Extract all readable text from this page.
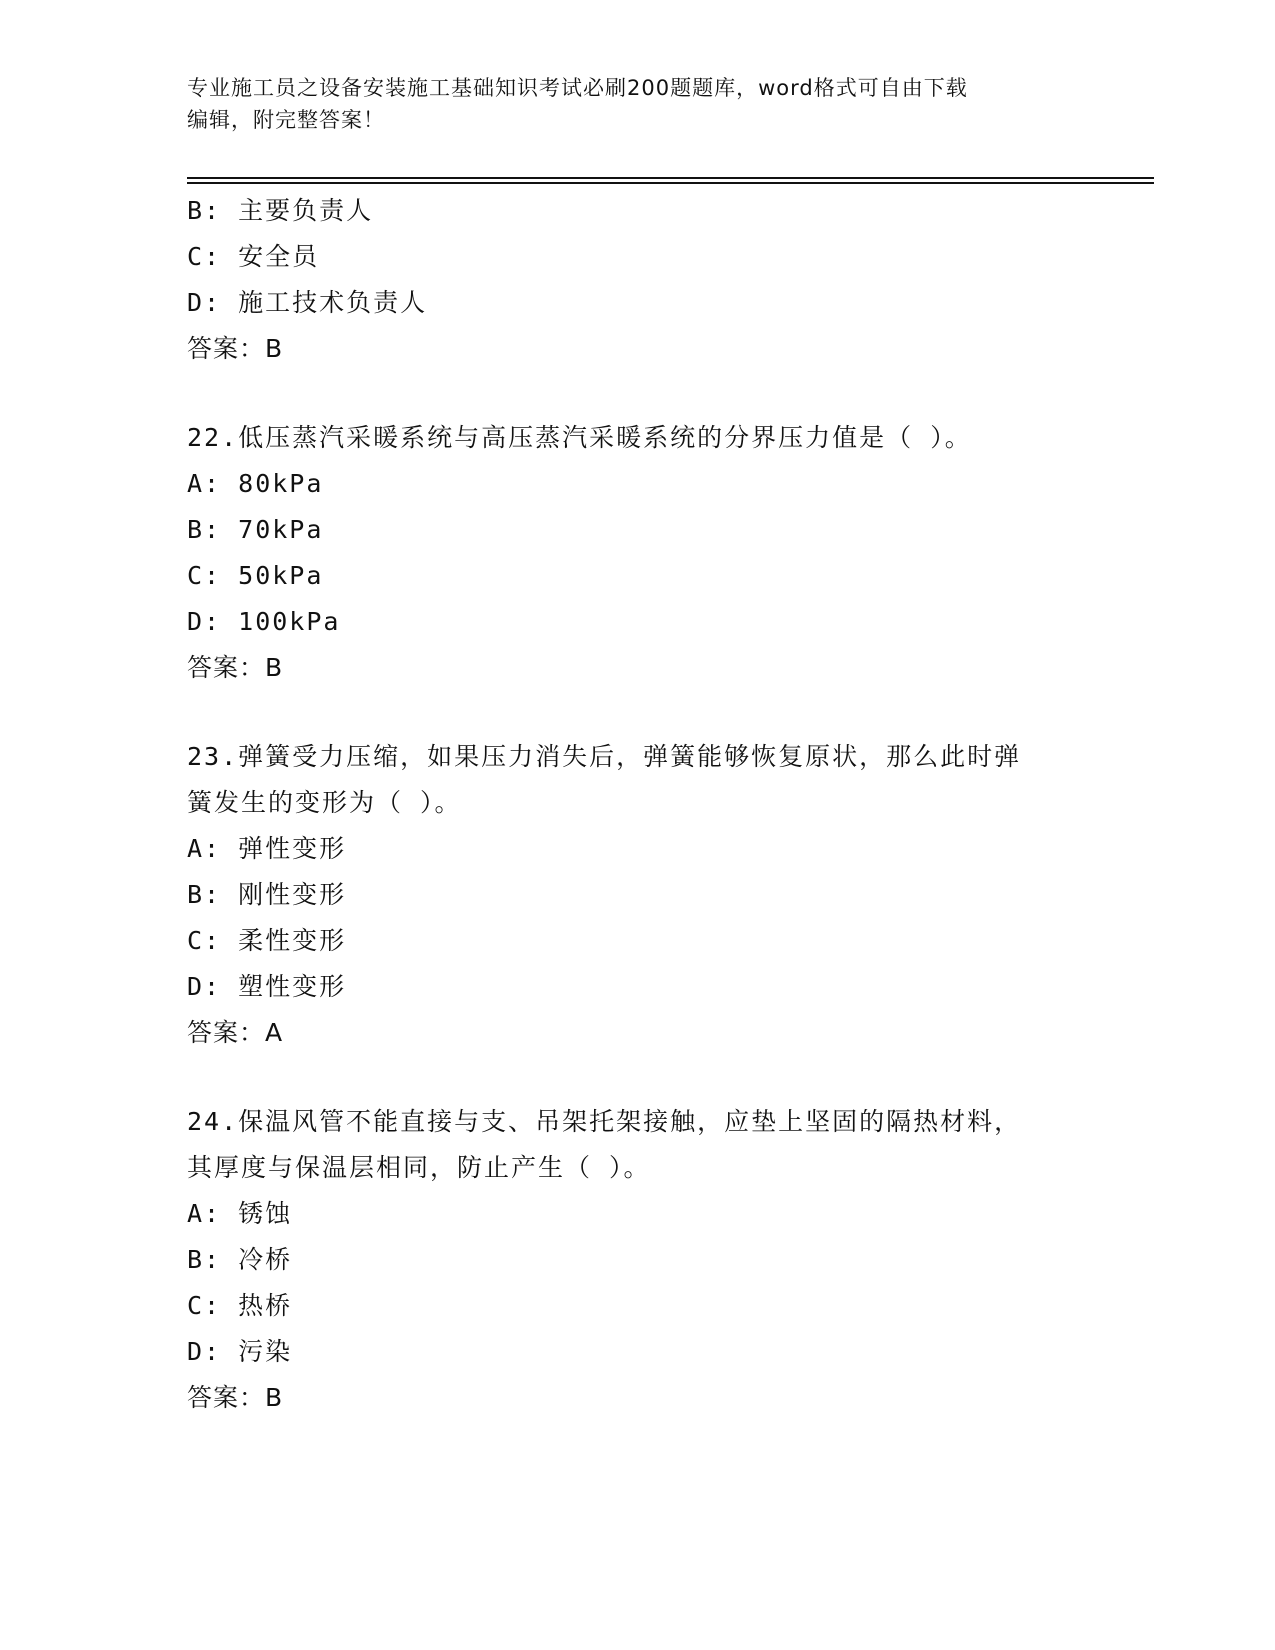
专业施工员之设备安装施工基础知识考试必刷200题题库，word格式可自由下载
编辑，附完整答案！
B: 主要负责人
C: 安全员
D: 施工技术负责人
答案：B
22.低压蒸汽采暖系统与高压蒸汽采暖系统的分界压力值是（ ）。
A: 80kPa
B: 70kPa
C: 50kPa
D: 100kPa
答案：B
23.弹簧受力压缩，如果压力消失后，弹簧能够恢复原状，那么此时弹
簧发生的变形为（ ）。
A: 弹性变形
B: 刚性变形
C: 柔性变形
D: 塑性变形
答案：A
24.保温风管不能直接与支、吊架托架接触，应垫上坚固的隔热材料，
其厚度与保温层相同，防止产生（ ）。
A: 锈蚀
B: 冷桥
C: 热桥
D: 污染
答案：B
